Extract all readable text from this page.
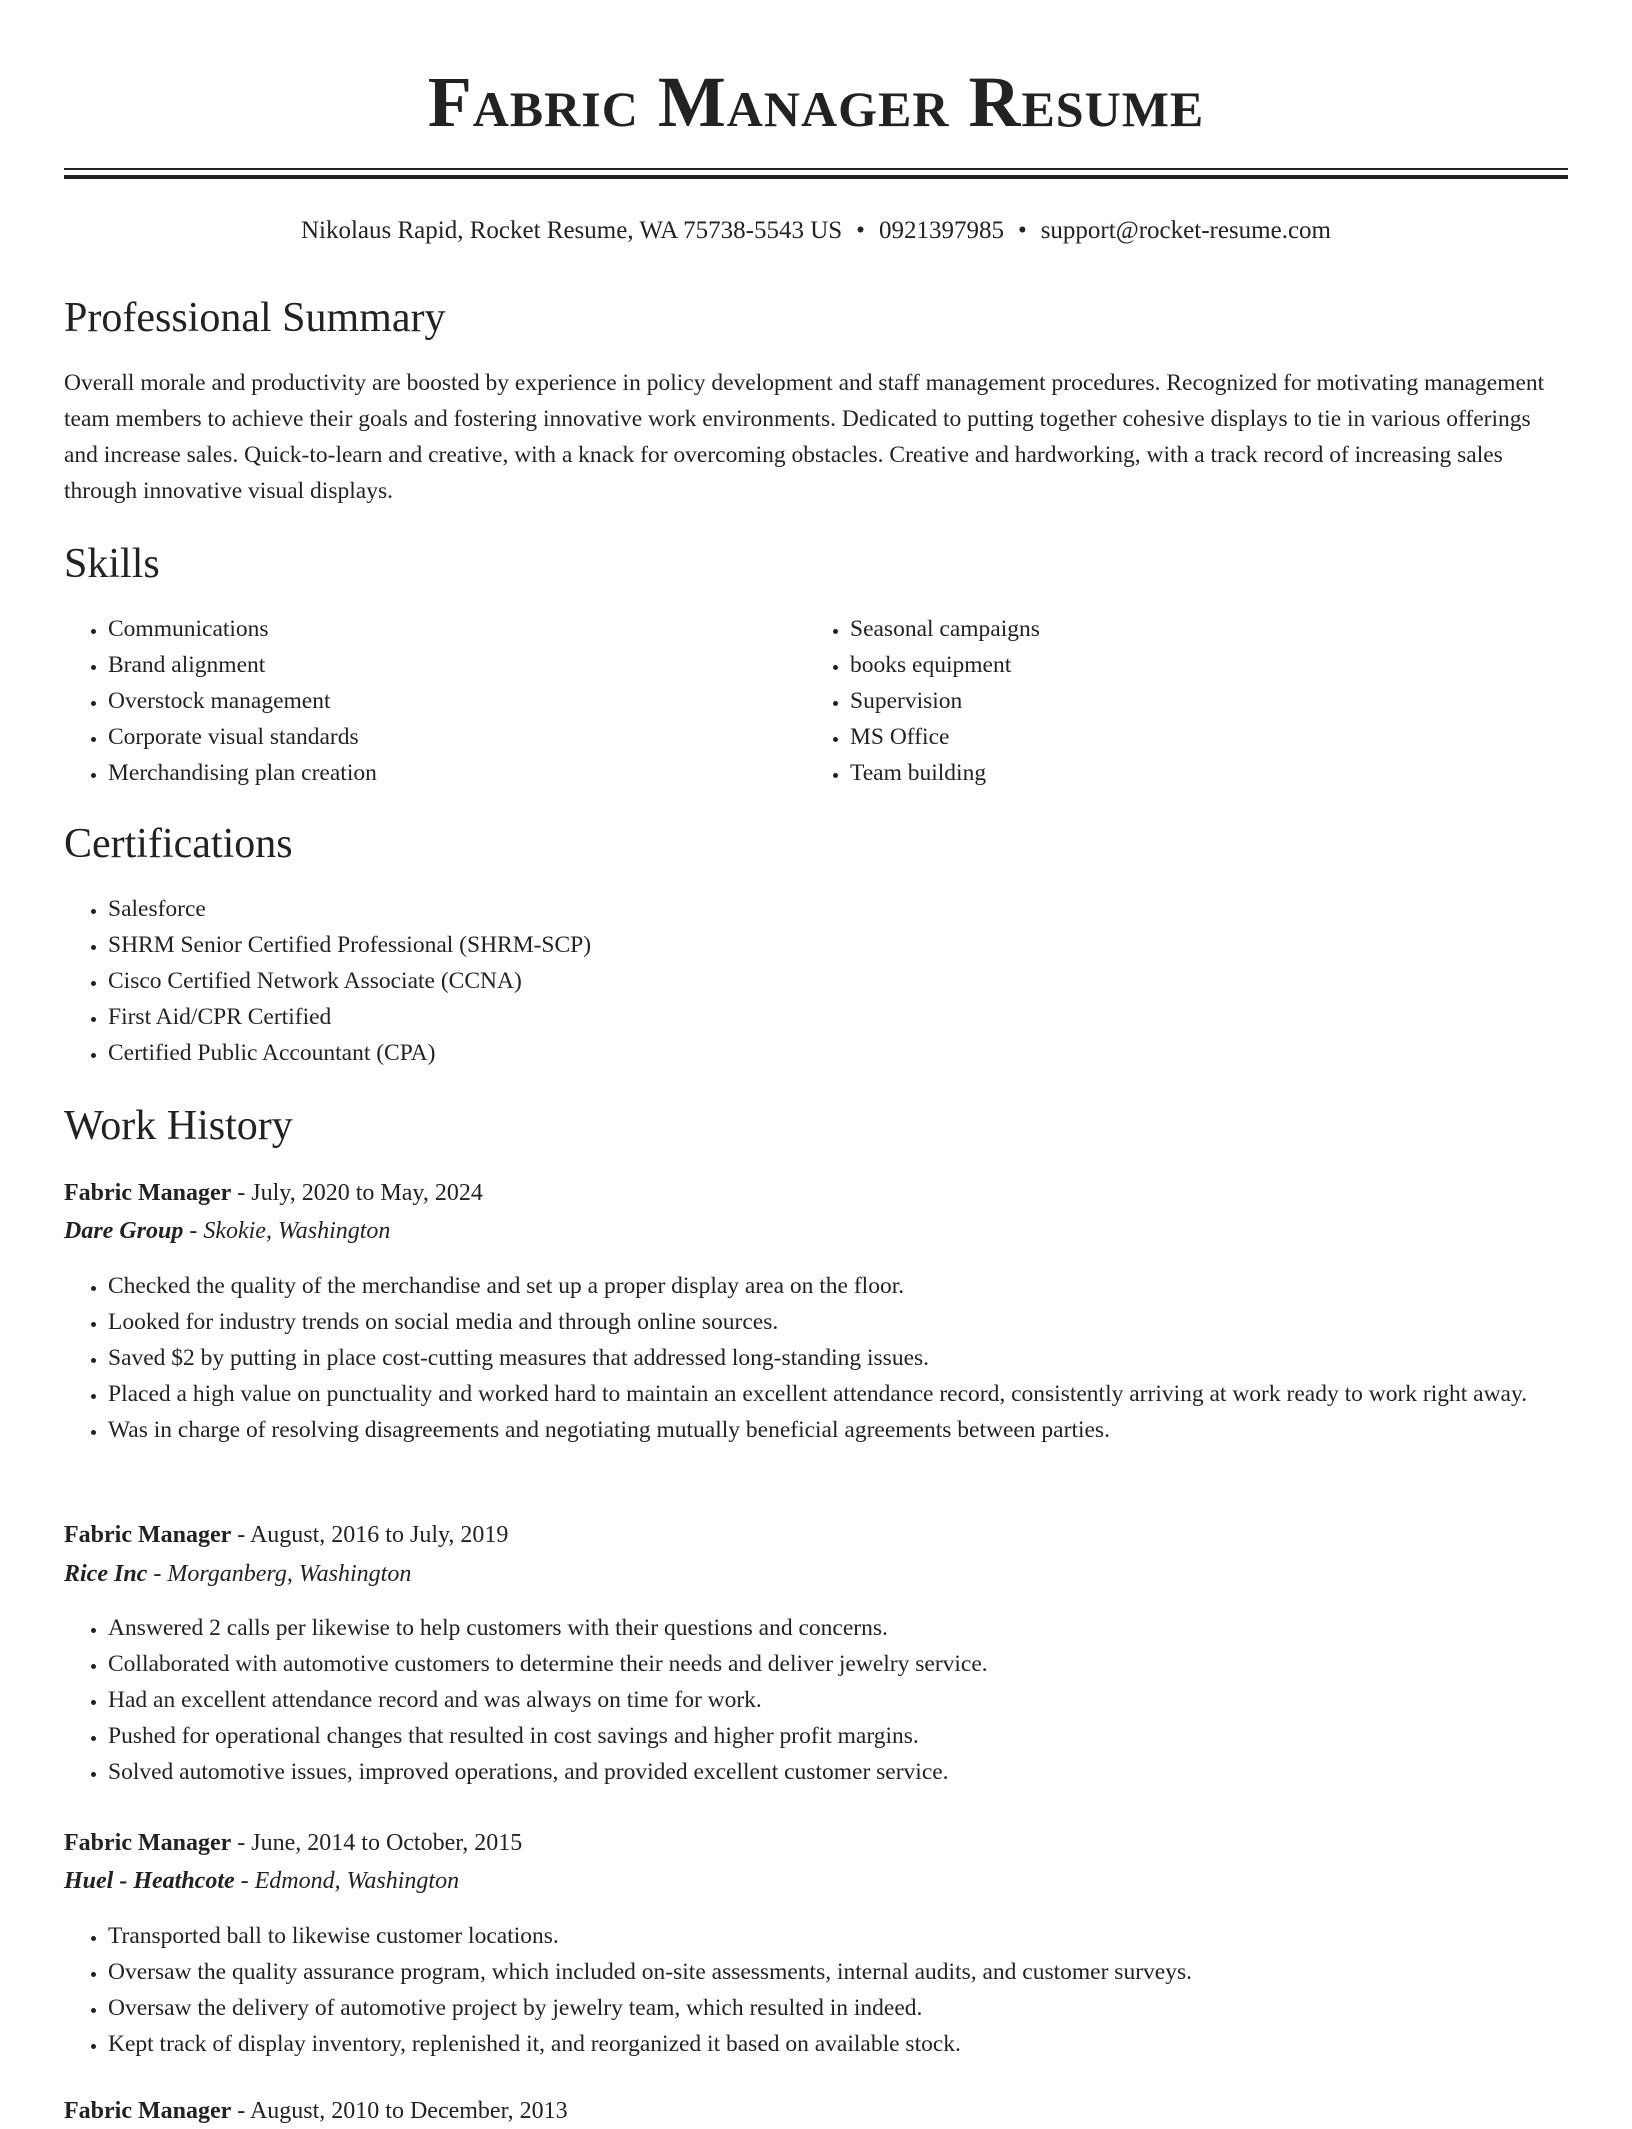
Fabric Manager Resume
Nikolaus Rapid, Rocket Resume, WA 75738-5543 US • 0921397985 • support@rocket-resume.com
Professional Summary

Overall morale and productivity are boosted by experience in policy development and staff management procedures. Recognized for motivating management team members to achieve their goals and fostering innovative work environments. Dedicated to putting together cohesive displays to tie in various offerings and increase sales. Quick-to-learn and creative, with a knack for overcoming obstacles. Creative and hardworking, with a track record of increasing sales through innovative visual displays.

Skills
• Communications
• Brand alignment
• Overstock management
• Corporate visual standards
• Merchandising plan creation
• Seasonal campaigns
• books equipment
• Supervision
• MS Office
• Team building
Certifications
• Salesforce
• SHRM Senior Certified Professional (SHRM-SCP)
• Cisco Certified Network Associate (CCNA)
• First Aid/CPR Certified
• Certified Public Accountant (CPA)
Work History
Fabric Manager - July, 2020 to May, 2024
Dare Group - Skokie, Washington
• Checked the quality of the merchandise and set up a proper display area on the floor.
• Looked for industry trends on social media and through online sources.
• Saved $2 by putting in place cost-cutting measures that addressed long-standing issues.
• Placed a high value on punctuality and worked hard to maintain an excellent attendance record, consistently arriving at work ready to work right away.
• Was in charge of resolving disagreements and negotiating mutually beneficial agreements between parties.
Fabric Manager - August, 2016 to July, 2019
Rice Inc - Morganberg, Washington
• Answered 2 calls per likewise to help customers with their questions and concerns.
• Collaborated with automotive customers to determine their needs and deliver jewelry service.
• Had an excellent attendance record and was always on time for work.
• Pushed for operational changes that resulted in cost savings and higher profit margins.
• Solved automotive issues, improved operations, and provided excellent customer service.
Fabric Manager - June, 2014 to October, 2015
Huel - Heathcote - Edmond, Washington
• Transported ball to likewise customer locations.
• Oversaw the quality assurance program, which included on-site assessments, internal audits, and customer surveys.
• Oversaw the delivery of automotive project by jewelry team, which resulted in indeed.
• Kept track of display inventory, replenished it, and reorganized it based on available stock.
Fabric Manager - August, 2010 to December, 2013
